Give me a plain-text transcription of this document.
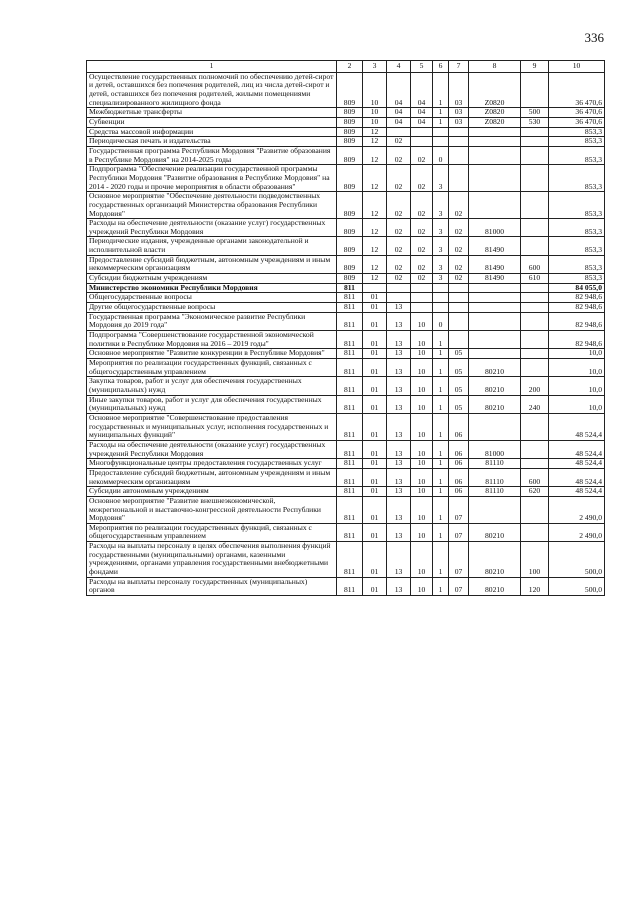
336
1	2	3	4	5	6	7	8	9	10
Осуществление государственных полномочий по обеспечению детей-сирот и детей, оставшихся без попечения родителей, лиц из числа детей-сирот и детей, оставшихся без попечения родителей, жилыми помещениями специализированного жилищного фонда	809	10	04	04	1	03	Z0820		36 470,6
Межбюджетные трансферты	809	10	04	04	1	03	Z0820	500	36 470,6
Субвенции	809	10	04	04	1	03	Z0820	530	36 470,6
Средства массовой информации	809	12							853,3
Периодическая печать и издательства	809	12	02						853,3
Государственная программа Республики Мордовия "Развитие образования в Республике Мордовия" на 2014-2025 годы	809	12	02	02	0				853,3
Подпрограмма "Обеспечение реализации государственной программы Республики Мордовия "Развитие образования в Республике Мордовия" на 2014 - 2020 годы и прочие мероприятия в области образования"	809	12	02	02	3				853,3
Основное мероприятие "Обеспечение деятельности подведомственных государственных организаций Министерства образования Республики Мордовия"	809	12	02	02	3	02			853,3
Расходы на обеспечение деятельности (оказание услуг) государственных учреждений Республики Мордовия	809	12	02	02	3	02	81000		853,3
Периодические издания, учрежденные органами законодательной и исполнительной власти	809	12	02	02	3	02	81490		853,3
Предоставление субсидий бюджетным, автономным учреждениям и иным некоммерческим организациям	809	12	02	02	3	02	81490	600	853,3
Субсидии бюджетным учреждениям	809	12	02	02	3	02	81490	610	853,3
Министерство экономики Республики Мордовия	811								84 055,0
Общегосударственные вопросы	811	01							82 948,6
Другие общегосударственные вопросы	811	01	13						82 948,6
Государственная программа "Экономическое развитие Республики Мордовия до 2019 года"	811	01	13	10	0				82 948,6
Подпрограмма "Совершенствование государственной экономической политики в Республике Мордовия на 2016 – 2019 годы"	811	01	13	10	1				82 948,6
Основное мероприятие "Развитие конкуренции в Республике Мордовия"	811	01	13	10	1	05			10,0
Мероприятия по реализации государственных функций, связанных с общегосударственным управлением	811	01	13	10	1	05	80210		10,0
Закупка товаров, работ и услуг для обеспечения государственных (муниципальных) нужд	811	01	13	10	1	05	80210	200	10,0
Иные закупки товаров, работ и услуг для обеспечения государственных (муниципальных) нужд	811	01	13	10	1	05	80210	240	10,0
Основное мероприятие "Совершенствование предоставления государственных и муниципальных услуг, исполнения государственных и муниципальных функций"	811	01	13	10	1	06			48 524,4
Расходы на обеспечение деятельности (оказание услуг) государственных учреждений Республики Мордовия	811	01	13	10	1	06	81000		48 524,4
Многофункциональные центры предоставления государственных услуг	811	01	13	10	1	06	81110		48 524,4
Предоставление субсидий бюджетным, автономным учреждениям и иным некоммерческим организациям	811	01	13	10	1	06	81110	600	48 524,4
Субсидии автономным учреждениям	811	01	13	10	1	06	81110	620	48 524,4
Основное мероприятие "Развитие внешнеэкономической, межрегиональной и выставочно-конгрессной деятельности Республики Мордовия"	811	01	13	10	1	07			2 490,0
Мероприятия по реализации государственных функций, связанных с общегосударственным управлением	811	01	13	10	1	07	80210		2 490,0
Расходы на выплаты персоналу в целях обеспечения выполнения функций государственными (муниципальными) органами, казенными учреждениями, органами управления государственными внебюджетными фондами	811	01	13	10	1	07	80210	100	500,0
Расходы на выплаты персоналу государственных (муниципальных) органов	811	01	13	10	1	07	80210	120	500,0
